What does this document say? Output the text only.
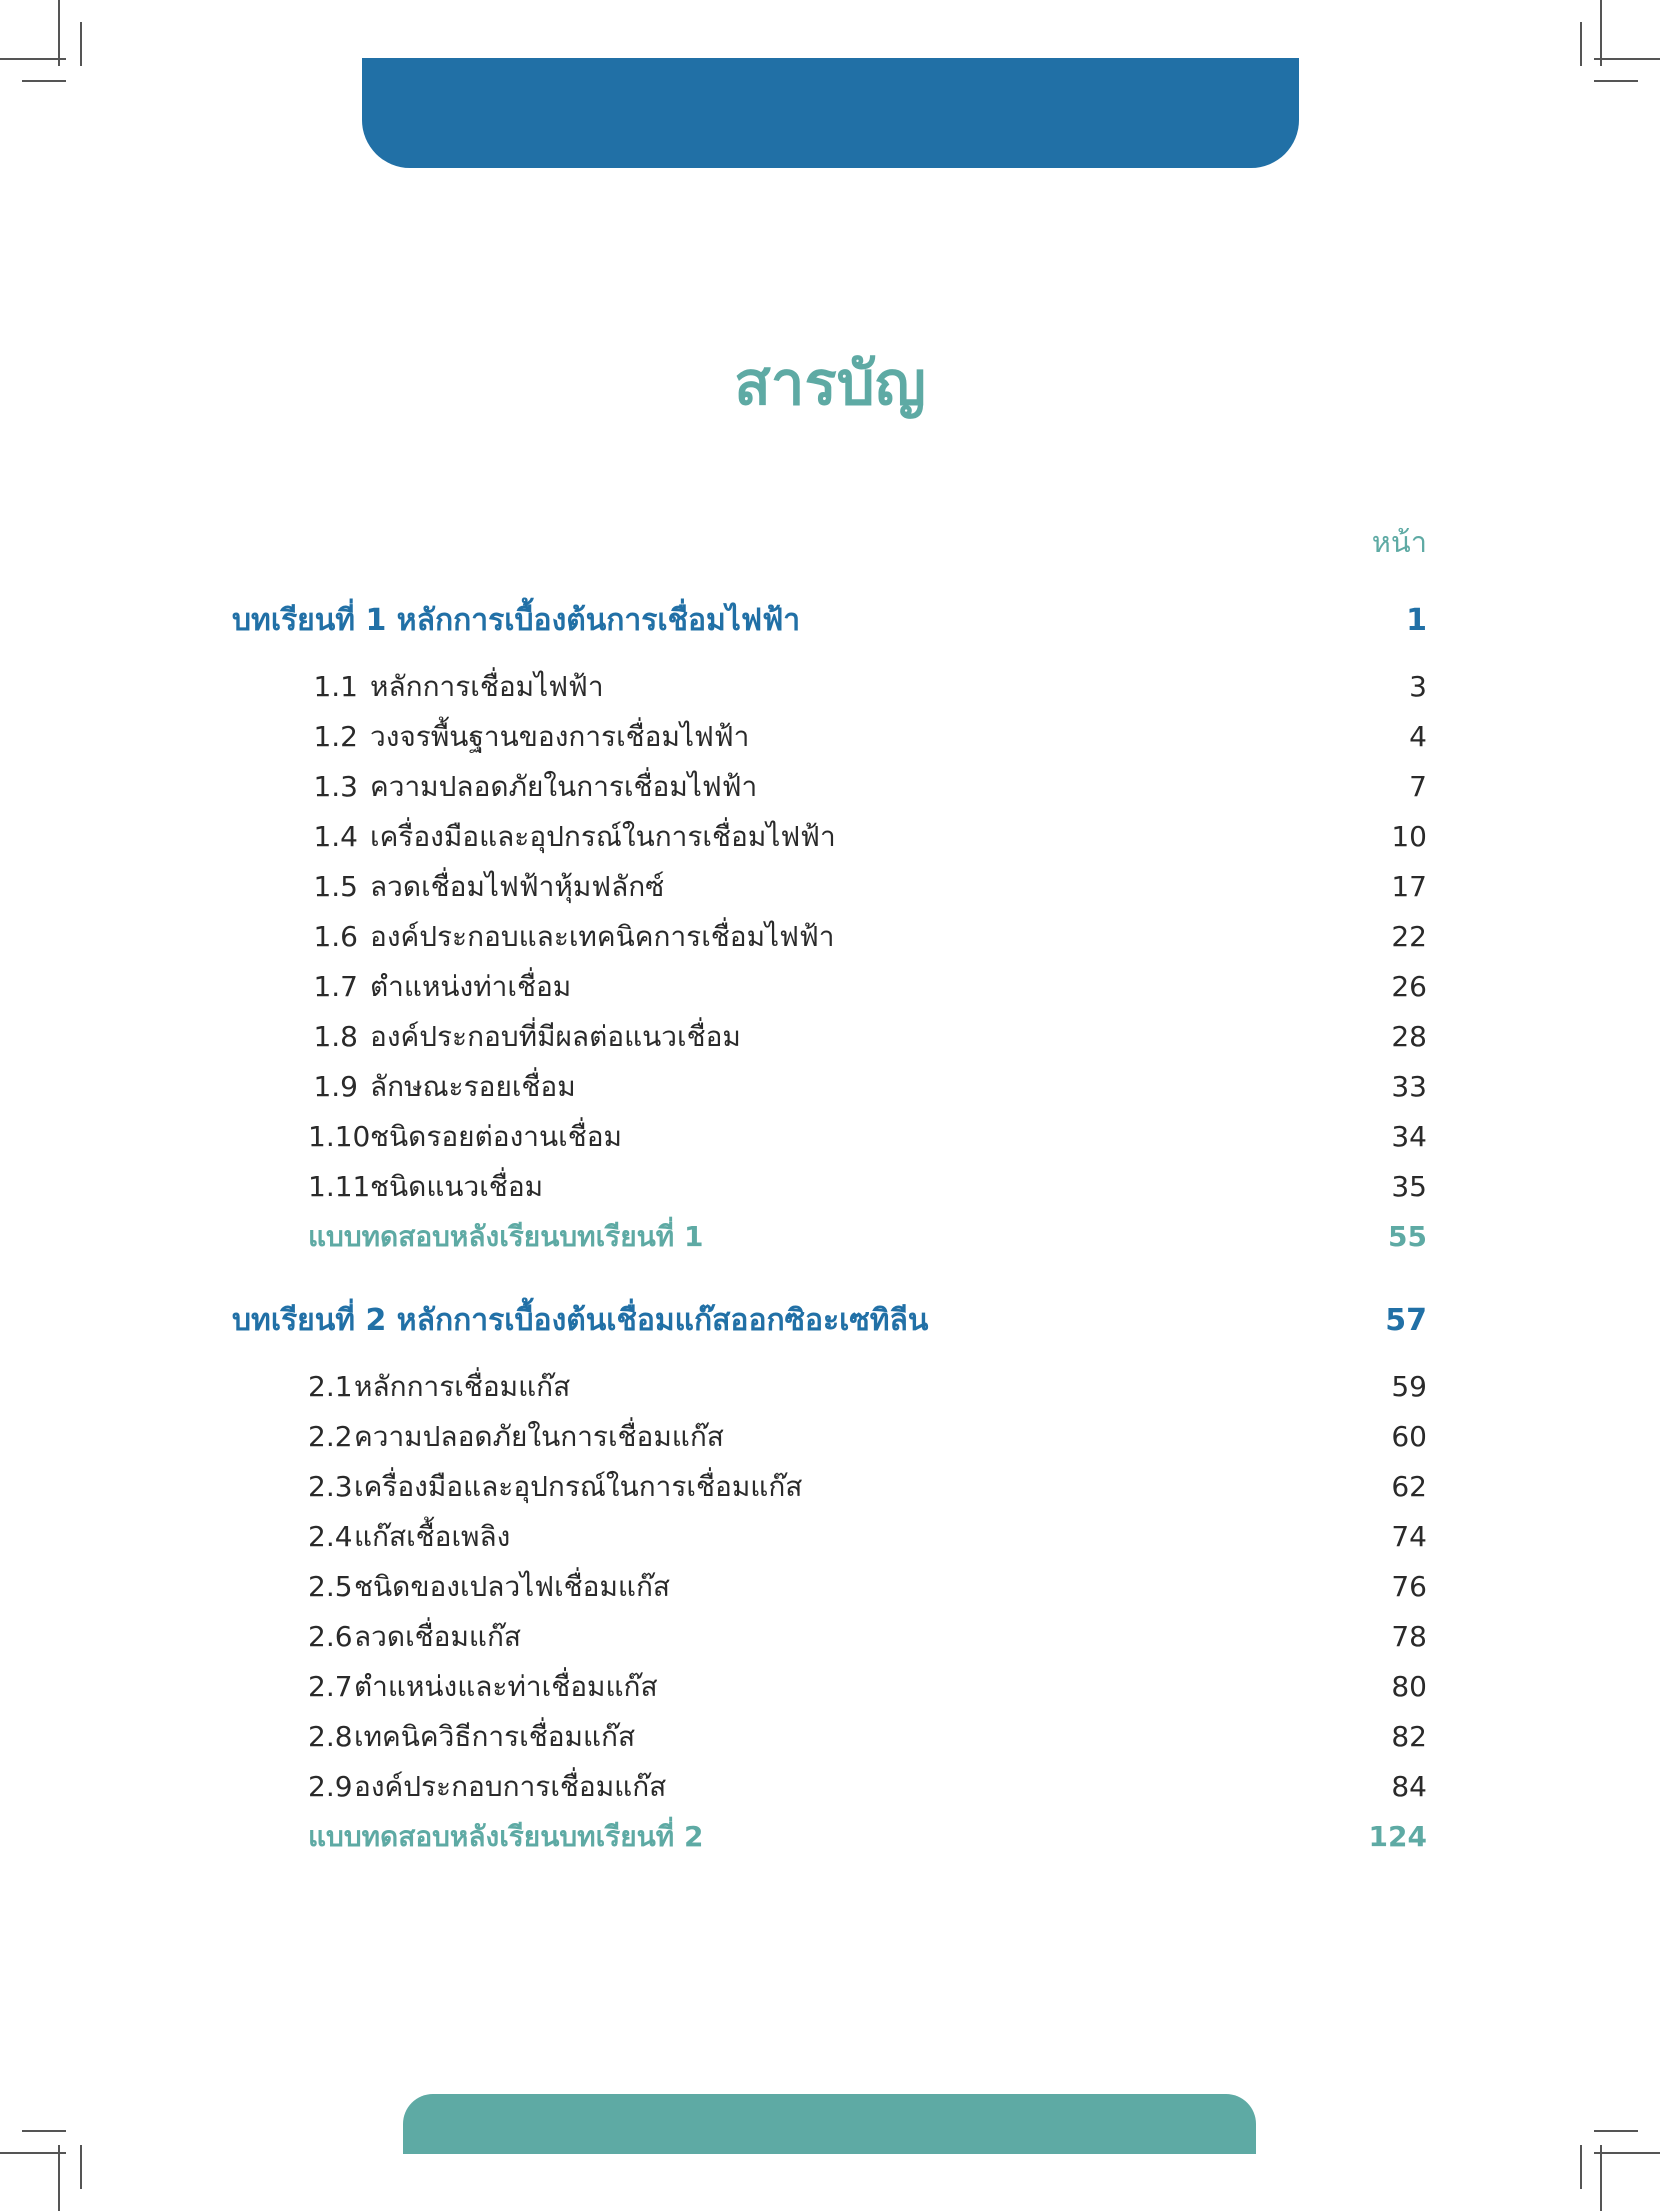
สารบัญ
หน้า
บทเรียนที่ 1 หลักการเบื้องต้นการเชื่อมไฟฟ้า	1
1.1 หลักการเชื่อมไฟฟ้า	3
1.2 วงจรพื้นฐานของการเชื่อมไฟฟ้า	4
1.3 ความปลอดภัยในการเชื่อมไฟฟ้า	7
1.4 เครื่องมือและอุปกรณ์ในการเชื่อมไฟฟ้า	10
1.5 ลวดเชื่อมไฟฟ้าหุ้มฟลักซ์	17
1.6 องค์ประกอบและเทคนิคการเชื่อมไฟฟ้า	22
1.7 ตำแหน่งท่าเชื่อม	26
1.8 องค์ประกอบที่มีผลต่อแนวเชื่อม	28
1.9 ลักษณะรอยเชื่อม	33
1.10 ชนิดรอยต่องานเชื่อม	34
1.11 ชนิดแนวเชื่อม	35
แบบทดสอบหลังเรียนบทเรียนที่ 1	55
บทเรียนที่ 2 หลักการเบื้องต้นเชื่อมแก๊สออกซิอะเซทิลีน	57
2.1 หลักการเชื่อมแก๊ส	59
2.2 ความปลอดภัยในการเชื่อมแก๊ส	60
2.3 เครื่องมือและอุปกรณ์ในการเชื่อมแก๊ส	62
2.4 แก๊สเชื้อเพลิง	74
2.5 ชนิดของเปลวไฟเชื่อมแก๊ส	76
2.6 ลวดเชื่อมแก๊ส	78
2.7 ตำแหน่งและท่าเชื่อมแก๊ส	80
2.8 เทคนิควิธีการเชื่อมแก๊ส	82
2.9 องค์ประกอบการเชื่อมแก๊ส	84
แบบทดสอบหลังเรียนบทเรียนที่ 2	124
